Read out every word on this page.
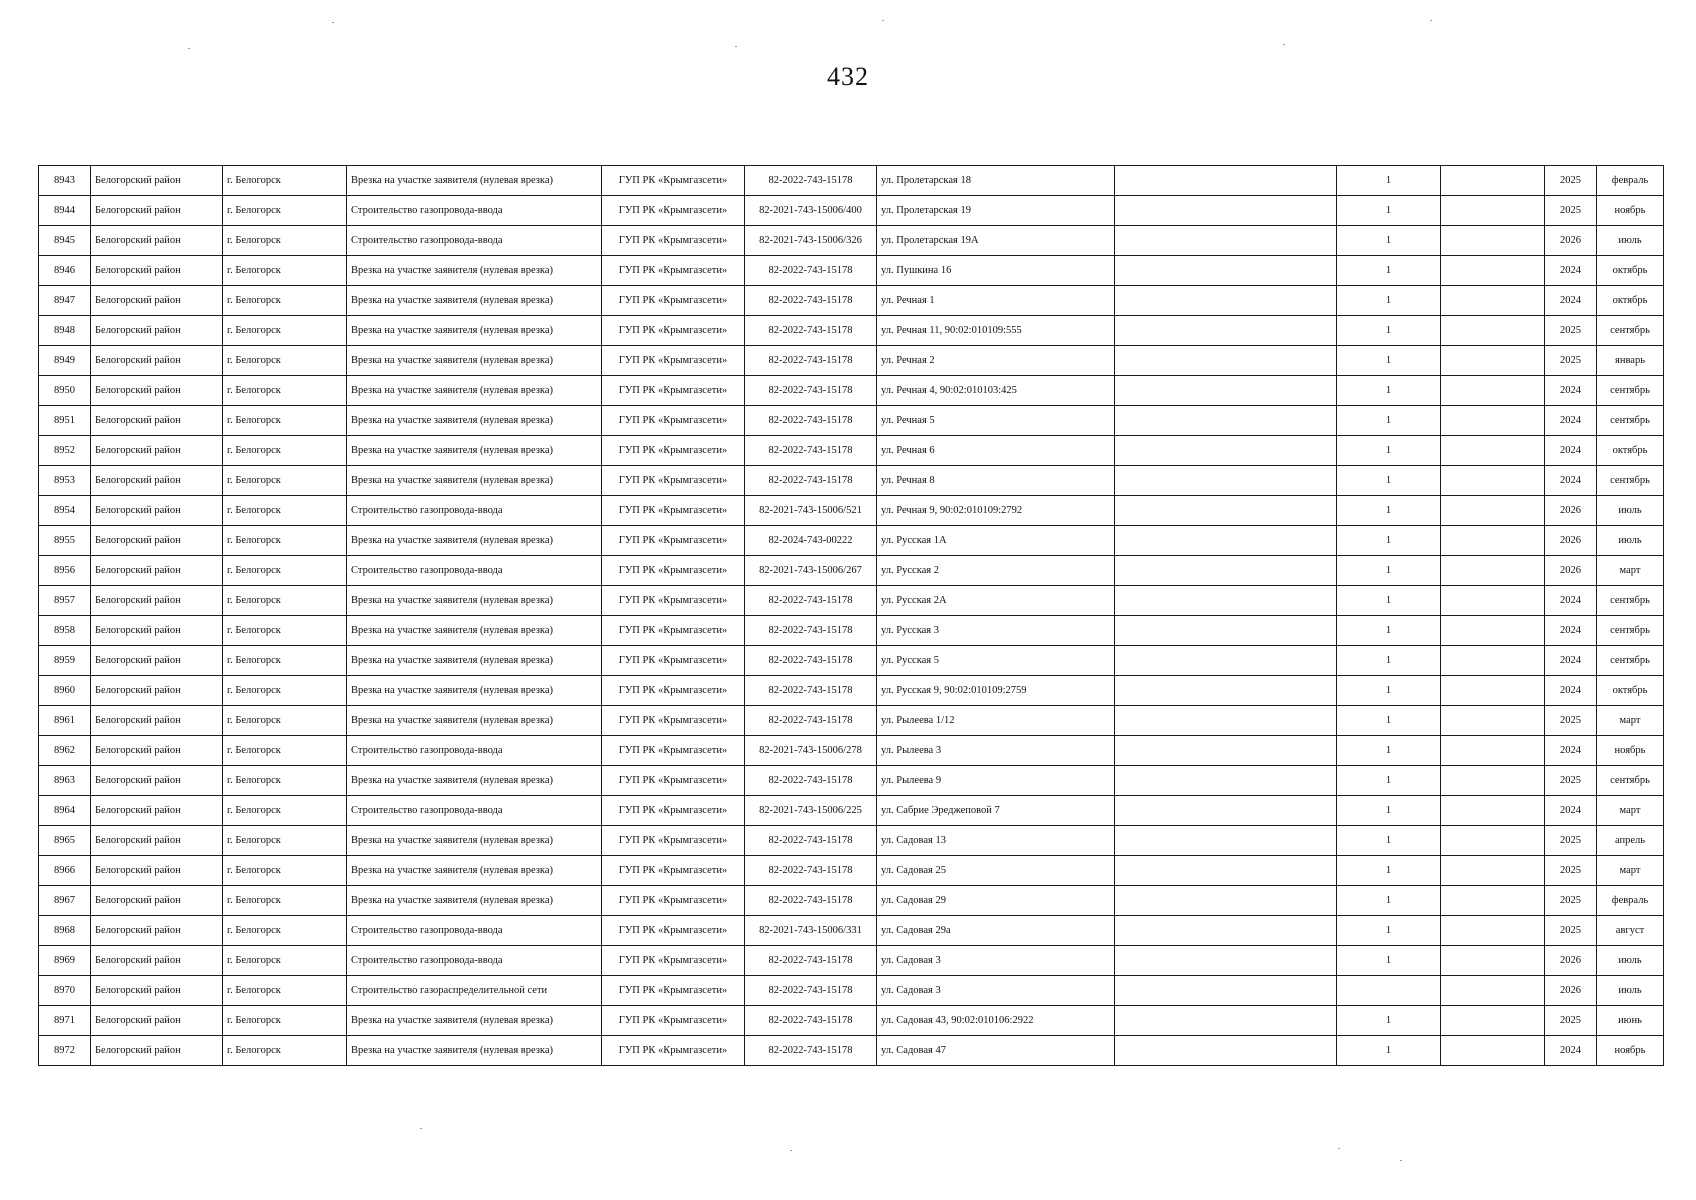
432
8943	Белогорский район	г. Белогорск	Врезка на участке заявителя (нулевая врезка)	ГУП РК «Крымгазсети»	82-2022-743-15178	ул. Пролетарская 18		1		2025	февраль
8944	Белогорский район	г. Белогорск	Строительство газопровода-ввода	ГУП РК «Крымгазсети»	82-2021-743-15006/400	ул. Пролетарская 19		1		2025	ноябрь
8945	Белогорский район	г. Белогорск	Строительство газопровода-ввода	ГУП РК «Крымгазсети»	82-2021-743-15006/326	ул. Пролетарская 19А		1		2026	июль
8946	Белогорский район	г. Белогорск	Врезка на участке заявителя (нулевая врезка)	ГУП РК «Крымгазсети»	82-2022-743-15178	ул. Пушкина 16		1		2024	октябрь
8947	Белогорский район	г. Белогорск	Врезка на участке заявителя (нулевая врезка)	ГУП РК «Крымгазсети»	82-2022-743-15178	ул. Речная 1		1		2024	октябрь
8948	Белогорский район	г. Белогорск	Врезка на участке заявителя (нулевая врезка)	ГУП РК «Крымгазсети»	82-2022-743-15178	ул. Речная 11, 90:02:010109:555		1		2025	сентябрь
8949	Белогорский район	г. Белогорск	Врезка на участке заявителя (нулевая врезка)	ГУП РК «Крымгазсети»	82-2022-743-15178	ул. Речная 2		1		2025	январь
8950	Белогорский район	г. Белогорск	Врезка на участке заявителя (нулевая врезка)	ГУП РК «Крымгазсети»	82-2022-743-15178	ул. Речная 4, 90:02:010103:425		1		2024	сентябрь
8951	Белогорский район	г. Белогорск	Врезка на участке заявителя (нулевая врезка)	ГУП РК «Крымгазсети»	82-2022-743-15178	ул. Речная 5		1		2024	сентябрь
8952	Белогорский район	г. Белогорск	Врезка на участке заявителя (нулевая врезка)	ГУП РК «Крымгазсети»	82-2022-743-15178	ул. Речная 6		1		2024	октябрь
8953	Белогорский район	г. Белогорск	Врезка на участке заявителя (нулевая врезка)	ГУП РК «Крымгазсети»	82-2022-743-15178	ул. Речная 8		1		2024	сентябрь
8954	Белогорский район	г. Белогорск	Строительство газопровода-ввода	ГУП РК «Крымгазсети»	82-2021-743-15006/521	ул. Речная 9, 90:02:010109:2792		1		2026	июль
8955	Белогорский район	г. Белогорск	Врезка на участке заявителя (нулевая врезка)	ГУП РК «Крымгазсети»	82-2024-743-00222	ул. Русская 1А		1		2026	июль
8956	Белогорский район	г. Белогорск	Строительство газопровода-ввода	ГУП РК «Крымгазсети»	82-2021-743-15006/267	ул. Русская 2		1		2026	март
8957	Белогорский район	г. Белогорск	Врезка на участке заявителя (нулевая врезка)	ГУП РК «Крымгазсети»	82-2022-743-15178	ул. Русская 2А		1		2024	сентябрь
8958	Белогорский район	г. Белогорск	Врезка на участке заявителя (нулевая врезка)	ГУП РК «Крымгазсети»	82-2022-743-15178	ул. Русская 3		1		2024	сентябрь
8959	Белогорский район	г. Белогорск	Врезка на участке заявителя (нулевая врезка)	ГУП РК «Крымгазсети»	82-2022-743-15178	ул. Русская 5		1		2024	сентябрь
8960	Белогорский район	г. Белогорск	Врезка на участке заявителя (нулевая врезка)	ГУП РК «Крымгазсети»	82-2022-743-15178	ул. Русская 9, 90:02:010109:2759		1		2024	октябрь
8961	Белогорский район	г. Белогорск	Врезка на участке заявителя (нулевая врезка)	ГУП РК «Крымгазсети»	82-2022-743-15178	ул. Рылеева 1/12		1		2025	март
8962	Белогорский район	г. Белогорск	Строительство газопровода-ввода	ГУП РК «Крымгазсети»	82-2021-743-15006/278	ул. Рылеева 3		1		2024	ноябрь
8963	Белогорский район	г. Белогорск	Врезка на участке заявителя (нулевая врезка)	ГУП РК «Крымгазсети»	82-2022-743-15178	ул. Рылеева 9		1		2025	сентябрь
8964	Белогорский район	г. Белогорск	Строительство газопровода-ввода	ГУП РК «Крымгазсети»	82-2021-743-15006/225	ул. Сабрие Эреджеповой 7		1		2024	март
8965	Белогорский район	г. Белогорск	Врезка на участке заявителя (нулевая врезка)	ГУП РК «Крымгазсети»	82-2022-743-15178	ул. Садовая 13		1		2025	апрель
8966	Белогорский район	г. Белогорск	Врезка на участке заявителя (нулевая врезка)	ГУП РК «Крымгазсети»	82-2022-743-15178	ул. Садовая 25		1		2025	март
8967	Белогорский район	г. Белогорск	Врезка на участке заявителя (нулевая врезка)	ГУП РК «Крымгазсети»	82-2022-743-15178	ул. Садовая 29		1		2025	февраль
8968	Белогорский район	г. Белогорск	Строительство газопровода-ввода	ГУП РК «Крымгазсети»	82-2021-743-15006/331	ул. Садовая 29а		1		2025	август
8969	Белогорский район	г. Белогорск	Строительство газопровода-ввода	ГУП РК «Крымгазсети»	82-2022-743-15178	ул. Садовая 3		1		2026	июль
8970	Белогорский район	г. Белогорск	Строительство газораспределительной сети	ГУП РК «Крымгазсети»	82-2022-743-15178	ул. Садовая 3				2026	июль
8971	Белогорский район	г. Белогорск	Врезка на участке заявителя (нулевая врезка)	ГУП РК «Крымгазсети»	82-2022-743-15178	ул. Садовая 43, 90:02:010106:2922		1		2025	июнь
8972	Белогорский район	г. Белогорск	Врезка на участке заявителя (нулевая врезка)	ГУП РК «Крымгазсети»	82-2022-743-15178	ул. Садовая 47		1		2024	ноябрь
